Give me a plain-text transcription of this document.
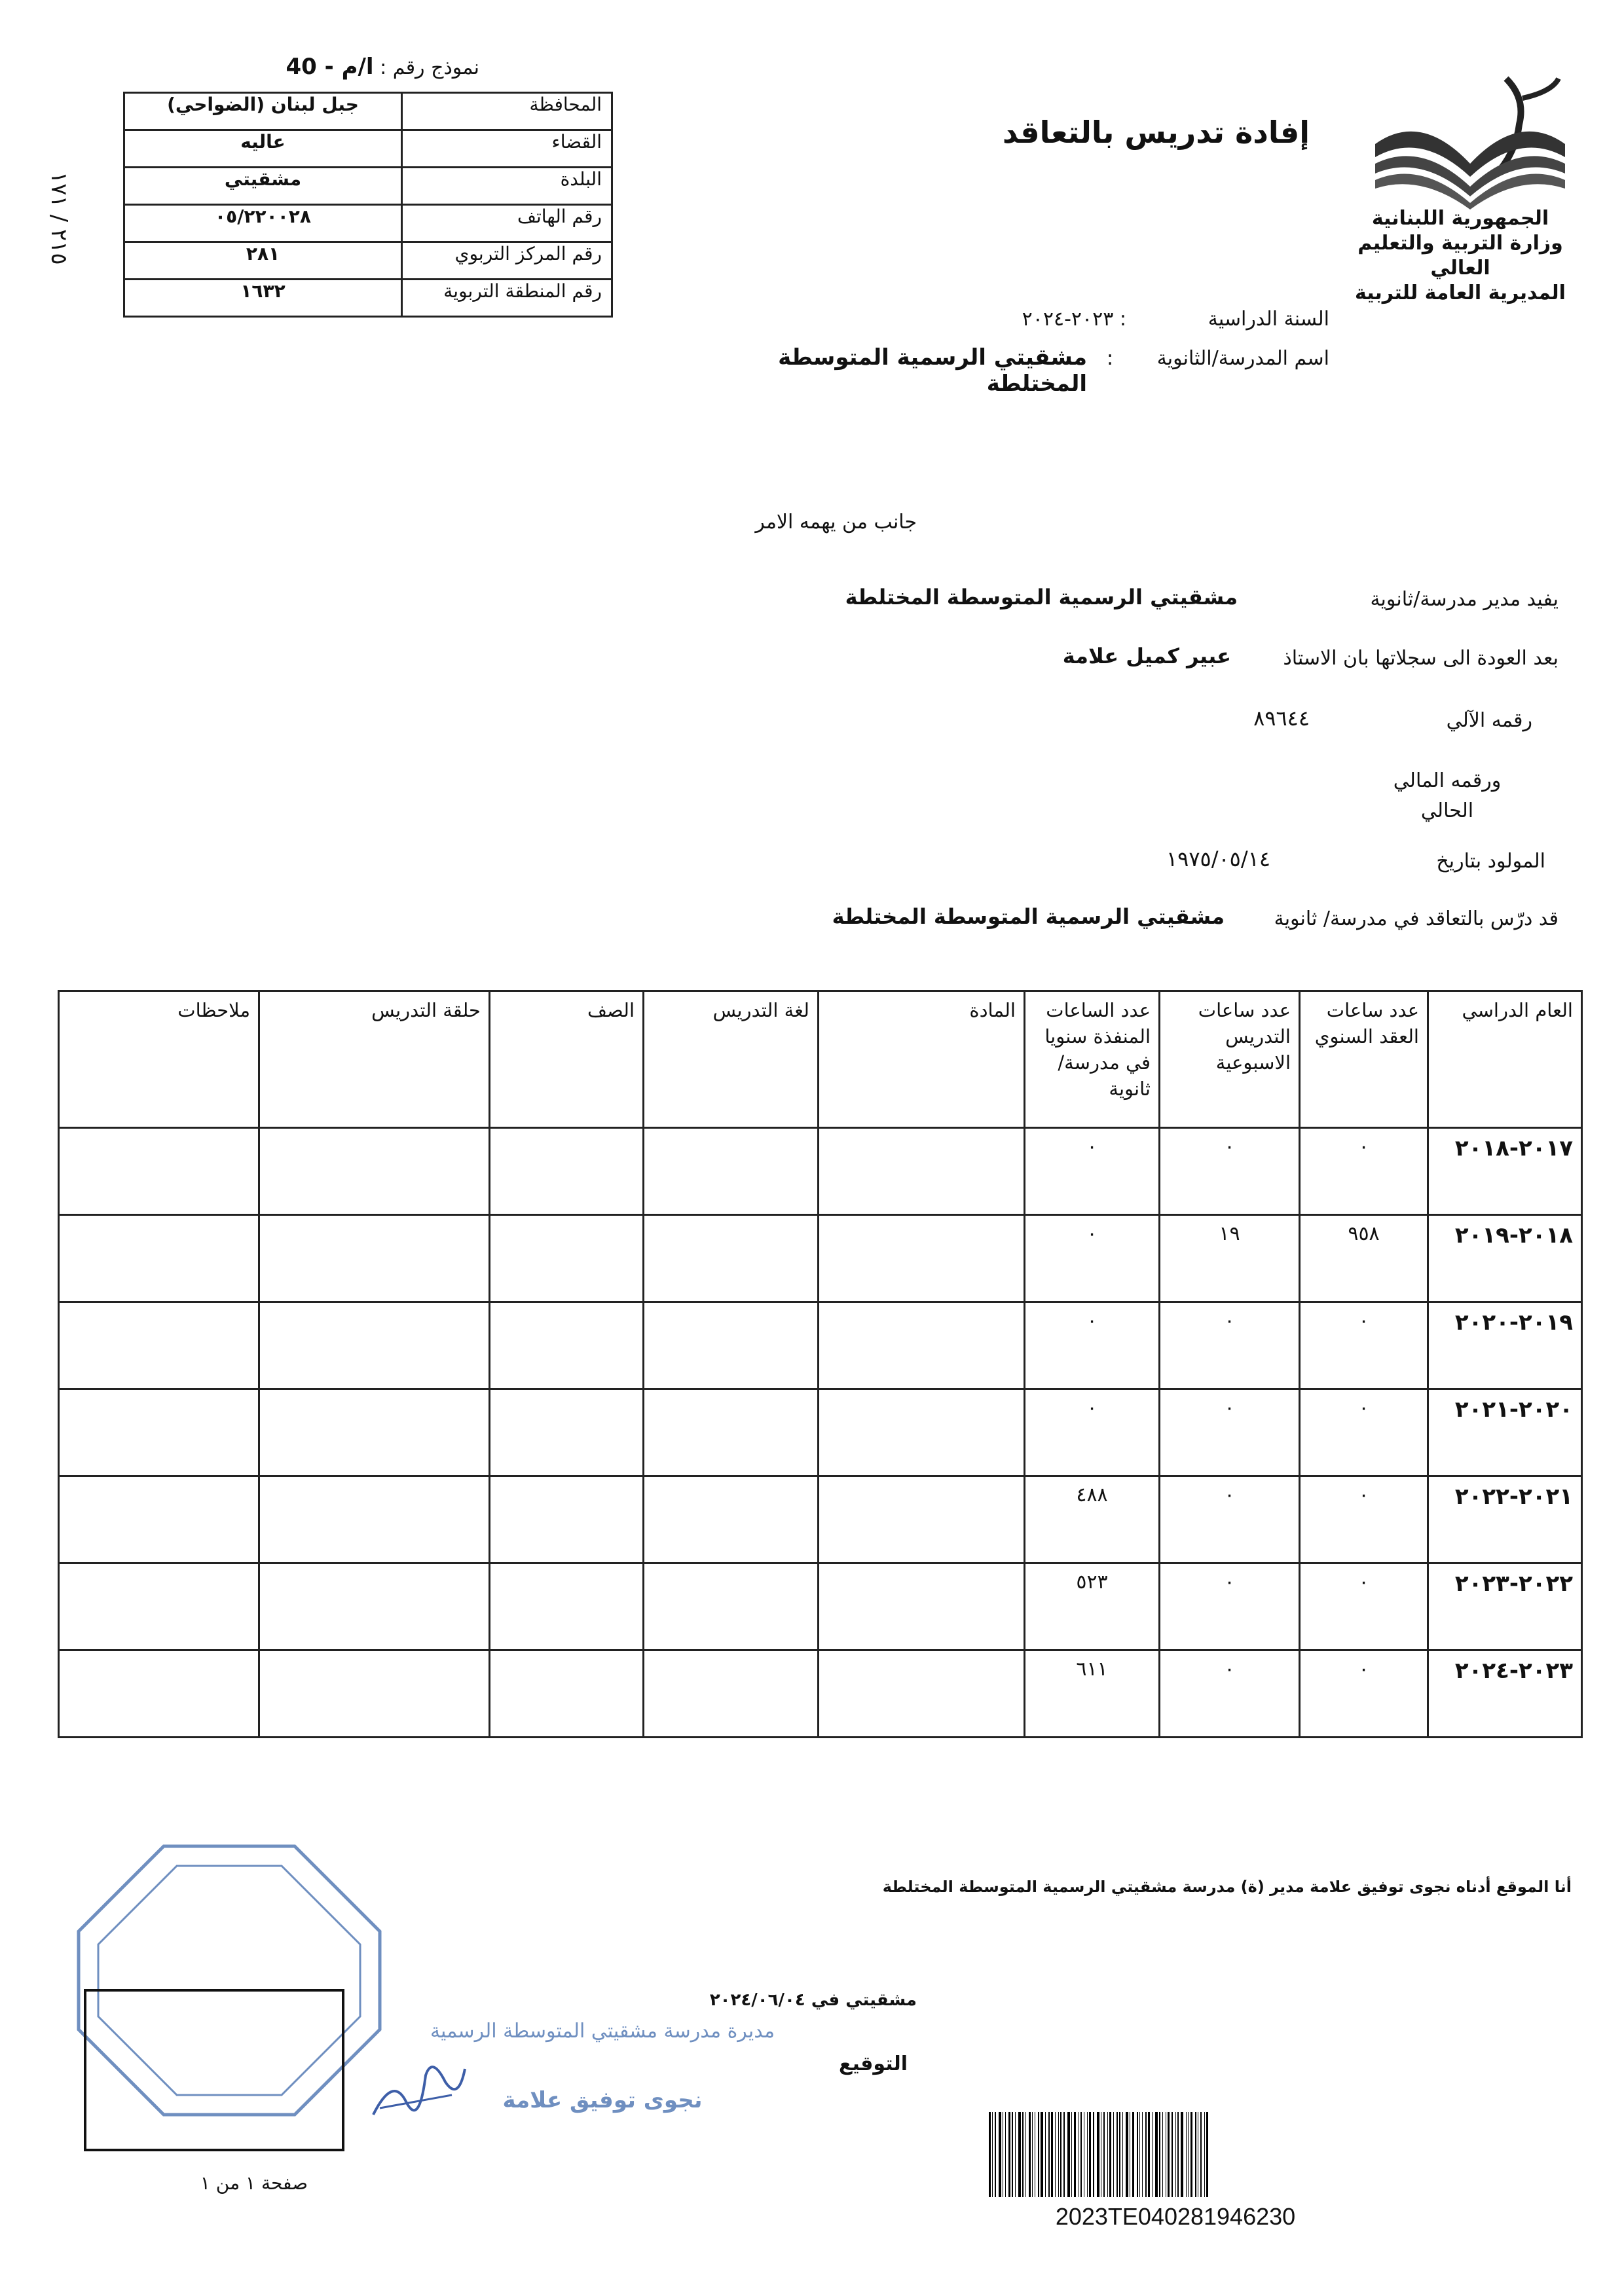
نموذج رقم : ا/م - 40
المحافظة	جبل لبنان (الضواحي)
القضاء	عاليه
البلدة	مشقيتي
رقم الهاتف	٠٥/٢٢٠٠٢٨
رقم المركز التربوي	٢٨١
رقم المنطقة التربوية	١٦٣٢
٢١٥ / ١٧١
الجمهورية اللبنانية
وزارة التربية والتعليم العالي
المديرية العامة للتربية
إفادة تدريس بالتعاقد
السنة الدراسية
: ٢٠٢٣-٢٠٢٤
اسم المدرسة/الثانوية
:
مشقيتي الرسمية المتوسطة المختلطة
جانب من يهمه الامر
يفيد مدير مدرسة/ثانوية
مشقيتي الرسمية المتوسطة المختلطة
بعد العودة الى سجلاتها بان الاستاذ
عبير كميل علامة
رقمه الآلي
٨٩٦٤٤
ورقمه المالي
الحالي
المولود بتاريخ
١٩٧٥/٠٥/١٤
قد درّس بالتعاقد في مدرسة/ ثانوية
مشقيتي الرسمية المتوسطة المختلطة
العام الدراسي	عدد ساعات العقد السنوي	عدد ساعات التدريس الاسبوعية	عدد الساعات المنفذة سنويا في مدرسة/ثانوية	المادة	لغة التدريس	الصف	حلقة التدريس	ملاحظات
٢٠١٧-٢٠١٨	٠	٠	٠					
٢٠١٨-٢٠١٩	٩٥٨	١٩	٠					
٢٠١٩-٢٠٢٠	٠	٠	٠					
٢٠٢٠-٢٠٢١	٠	٠	٠					
٢٠٢١-٢٠٢٢	٠	٠	٤٨٨					
٢٠٢٢-٢٠٢٣	٠	٠	٥٢٣					
٢٠٢٣-٢٠٢٤	٠	٠	٦١١					
أنا الموقع أدناه نجوى توفيق علامة مدير (ة) مدرسة مشقيتي الرسمية المتوسطة المختلطة
مشقيتي في ٢٠٢٤/٠٦/٠٤
التوقيع
مديرة مدرسة مشقيتي المتوسطة الرسمية
نجوى توفيق علامة
صفحة ١ من ١
2023TE040281946230
